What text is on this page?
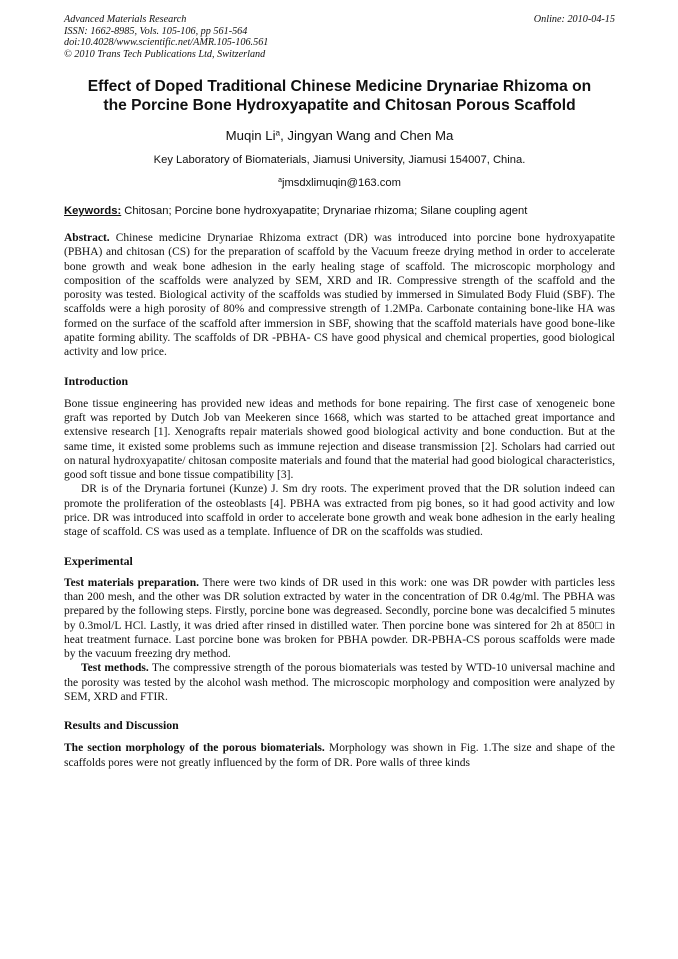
Advanced Materials Research	Online: 2010-04-15
ISSN: 1662-8985, Vols. 105-106, pp 561-564
doi:10.4028/www.scientific.net/AMR.105-106.561
© 2010 Trans Tech Publications Ltd, Switzerland
Effect of Doped Traditional Chinese Medicine Drynariae Rhizoma on
the Porcine Bone Hydroxyapatite and Chitosan Porous Scaffold
Muqin Li$^a$, Jingyan Wang and Chen Ma
Key Laboratory of Biomaterials, Jiamusi University, Jiamusi 154007, China.
$^a$jmsdxlimuqin@163.com
Keywords: Chitosan; Porcine bone hydroxyapatite; Drynariae rhizoma; Silane coupling agent

Abstract. Chinese medicine Drynariae Rhizoma extract (DR) was introduced into porcine bone hydroxyapatite (PBHA) and chitosan (CS) for the preparation of scaffold by the Vacuum freeze drying method in order to accelerate bone growth and weak bone adhesion in the early healing stage of scaffold. The microscopic morphology and composition of the scaffolds were analyzed by SEM, XRD and IR. Compressive strength of the scaffold and the porosity was tested. Biological activity of the scaffolds was studied by immersed in Simulated Body Fluid (SBF). The scaffolds were a high porosity of 80% and compressive strength of 1.2MPa. Carbonate containing bone-like HA was formed on the surface of the scaffold after immersion in SBF, showing that the scaffold materials have good bone-like apatite forming ability. The scaffolds of DR -PBHA- CS have good physical and chemical properties, good biological activity and low price.

Introduction

Bone tissue engineering has provided new ideas and methods for bone repairing. The first case of xenogeneic bone graft was reported by Dutch Job van Meekeren since 1668, which was started to be attached great importance and extensive research [1]. Xenografts repair materials showed good biological activity and bone conduction. But at the same time, it existed some problems such as immune rejection and disease transmission [2]. Scholars had carried out on natural hydroxyapatite/ chitosan composite materials and found that the material had good biological characteristics, good soft tissue and bone tissue compatibility [3].

DR is of the Drynaria fortunei (Kunze) J. Sm dry roots. The experiment proved that the DR solution indeed can promote the proliferation of the osteoblasts [4]. PBHA was extracted from pig bones, so it had good activity and low price. DR was introduced into scaffold in order to accelerate bone growth and weak bone adhesion in the early healing stage of scaffold. CS was used as a template. Influence of DR on the scaffolds was studied.

Experimental

Test materials preparation. There were two kinds of DR used in this work: one was DR powder with particles less than 200 mesh, and the other was DR solution extracted by water in the concentration of DR 0.4g/ml. The PBHA was prepared by the following steps. Firstly, porcine bone was degreased. Secondly, porcine bone was decalcified 5 minutes by 0.3mol/L HCl. Lastly, it was dried after rinsed in distilled water. Then porcine bone was sintered for 2h at 850□ in heat treatment furnace. Last porcine bone was broken for PBHA powder. DR-PBHA-CS porous scaffolds were made by the vacuum freezing dry method.

Test methods. The compressive strength of the porous biomaterials was tested by WTD-10 universal machine and the porosity was tested by the alcohol wash method. The microscopic morphology and composition were analyzed by SEM, XRD and FTIR.

Results and Discussion

The section morphology of the porous biomaterials. Morphology was shown in Fig. 1.The size and shape of the scaffolds pores were not greatly influenced by the form of DR. Pore walls of three kinds
